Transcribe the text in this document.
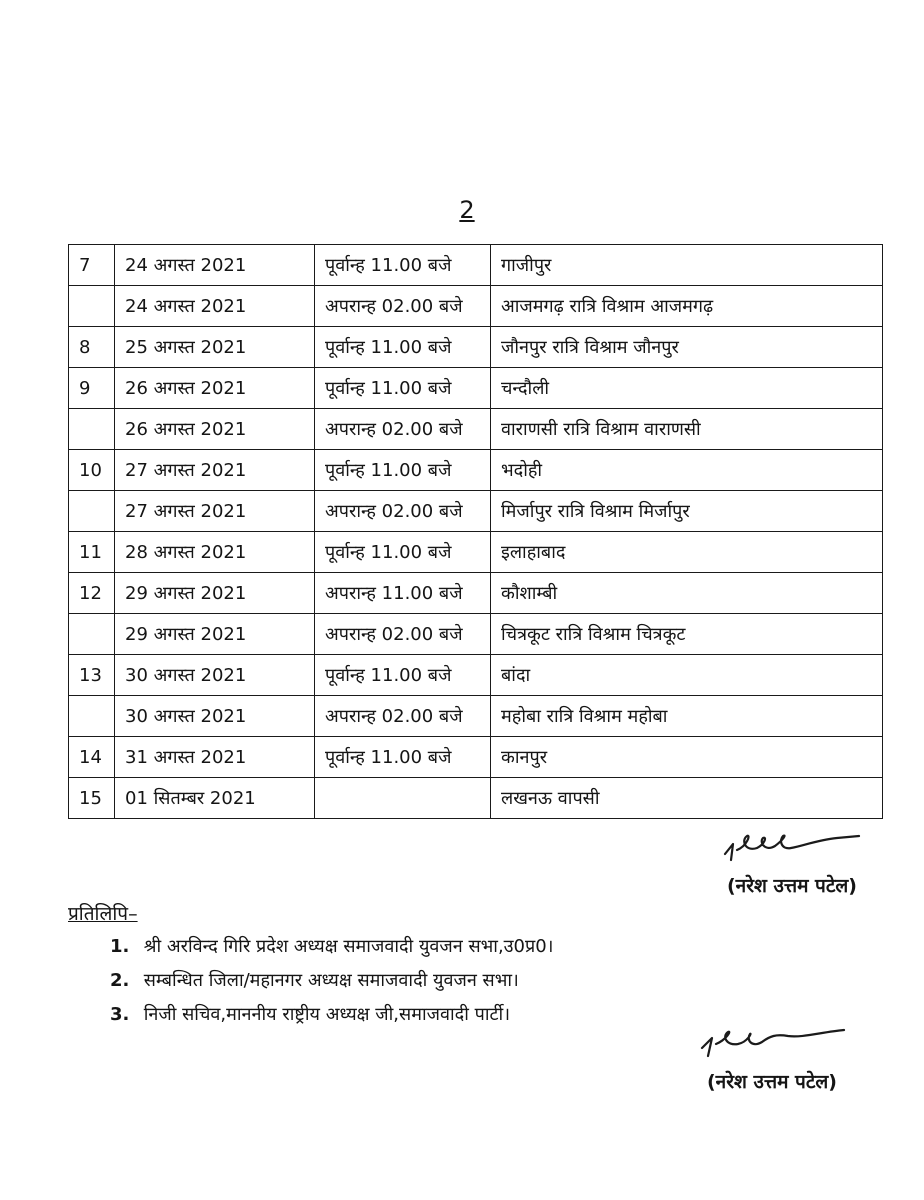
2
7	24 अगस्त 2021	पूर्वान्ह 11.00 बजे	गाजीपुर
	24 अगस्त 2021	अपरान्ह 02.00 बजे	आजमगढ़ रात्रि विश्राम आजमगढ़
8	25 अगस्त 2021	पूर्वान्ह 11.00 बजे	जौनपुर रात्रि विश्राम जौनपुर
9	26 अगस्त 2021	पूर्वान्ह 11.00 बजे	चन्दौली
	26 अगस्त 2021	अपरान्ह 02.00 बजे	वाराणसी रात्रि विश्राम वाराणसी
10	27 अगस्त 2021	पूर्वान्ह 11.00 बजे	भदोही
	27 अगस्त 2021	अपरान्ह 02.00 बजे	मिर्जापुर रात्रि विश्राम मिर्जापुर
11	28 अगस्त 2021	पूर्वान्ह 11.00 बजे	इलाहाबाद
12	29 अगस्त 2021	अपरान्ह 11.00 बजे	कौशाम्बी
	29 अगस्त 2021	अपरान्ह 02.00 बजे	चित्रकूट रात्रि विश्राम चित्रकूट
13	30 अगस्त 2021	पूर्वान्ह 11.00 बजे	बांदा
	30 अगस्त 2021	अपरान्ह 02.00 बजे	महोबा रात्रि विश्राम महोबा
14	31 अगस्त 2021	पूर्वान्ह 11.00 बजे	कानपुर
15	01 सितम्बर 2021		लखनऊ वापसी
(नरेश उत्तम पटेल)
प्रतिलिपि–
1. श्री अरविन्द गिरि प्रदेश अध्यक्ष समाजवादी युवजन सभा,उ0प्र0।
2. सम्बन्धित जिला/महानगर अध्यक्ष समाजवादी युवजन सभा।
3. निजी सचिव,माननीय राष्ट्रीय अध्यक्ष जी,समाजवादी पार्टी।
(नरेश उत्तम पटेल)
